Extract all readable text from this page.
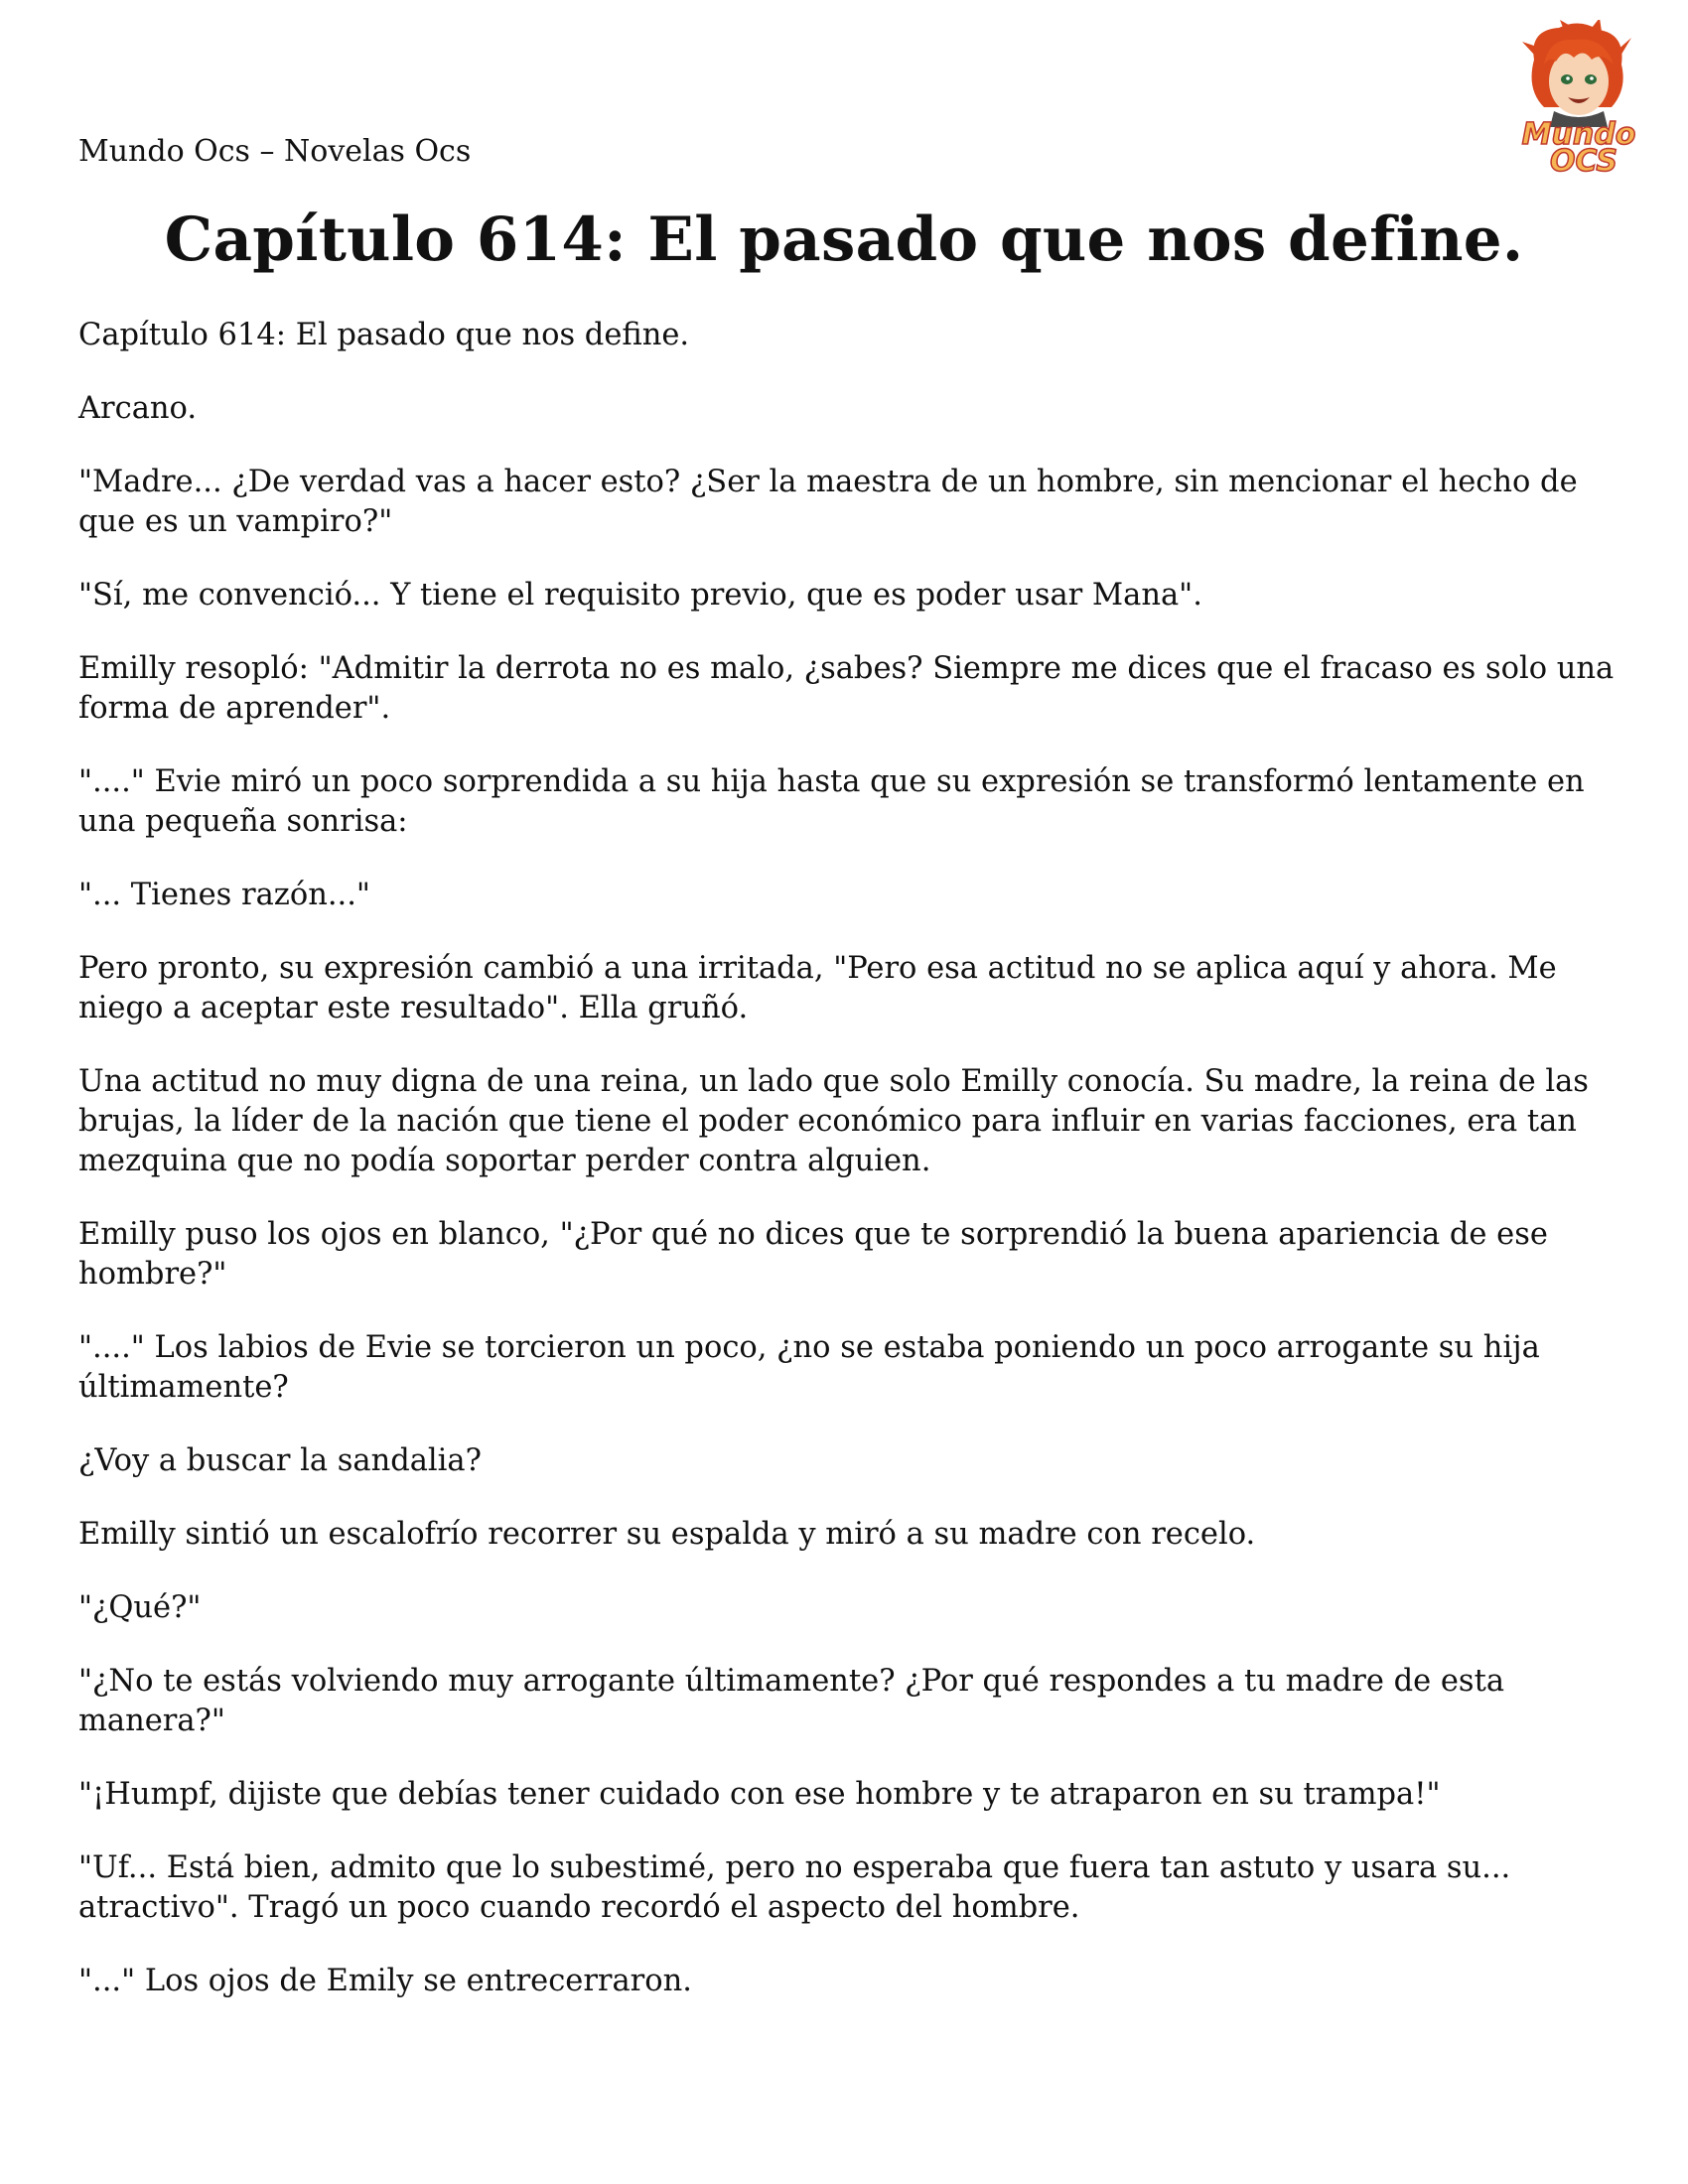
Mundo Ocs – Novelas Ocs	Mundo
OCS
Capítulo 614: El pasado que nos define.

Capítulo 614: El pasado que nos define.

Arcano.

"Madre... ¿De verdad vas a hacer esto? ¿Ser la maestra de un hombre, sin mencionar el hecho de que es un vampiro?"

"Sí, me convenció... Y tiene el requisito previo, que es poder usar Mana".

Emilly resopló: "Admitir la derrota no es malo, ¿sabes? Siempre me dices que el fracaso es solo una forma de aprender".

"...." Evie miró un poco sorprendida a su hija hasta que su expresión se transformó lentamente en una pequeña sonrisa:

"... Tienes razón..."

Pero pronto, su expresión cambió a una irritada, "Pero esa actitud no se aplica aquí y ahora. Me niego a aceptar este resultado". Ella gruñó.

Una actitud no muy digna de una reina, un lado que solo Emilly conocía. Su madre, la reina de las brujas, la líder de la nación que tiene el poder económico para influir en varias facciones, era tan mezquina que no podía soportar perder contra alguien.

Emilly puso los ojos en blanco, "¿Por qué no dices que te sorprendió la buena apariencia de ese hombre?"

"...." Los labios de Evie se torcieron un poco, ¿no se estaba poniendo un poco arrogante su hija últimamente?

¿Voy a buscar la sandalia?

Emilly sintió un escalofrío recorrer su espalda y miró a su madre con recelo.

"¿Qué?"

"¿No te estás volviendo muy arrogante últimamente? ¿Por qué respondes a tu madre de esta manera?"

"¡Humpf, dijiste que debías tener cuidado con ese hombre y te atraparon en su trampa!"

"Uf... Está bien, admito que lo subestimé, pero no esperaba que fuera tan astuto y usara su... atractivo". Tragó un poco cuando recordó el aspecto del hombre.

"..." Los ojos de Emily se entrecerraron.
